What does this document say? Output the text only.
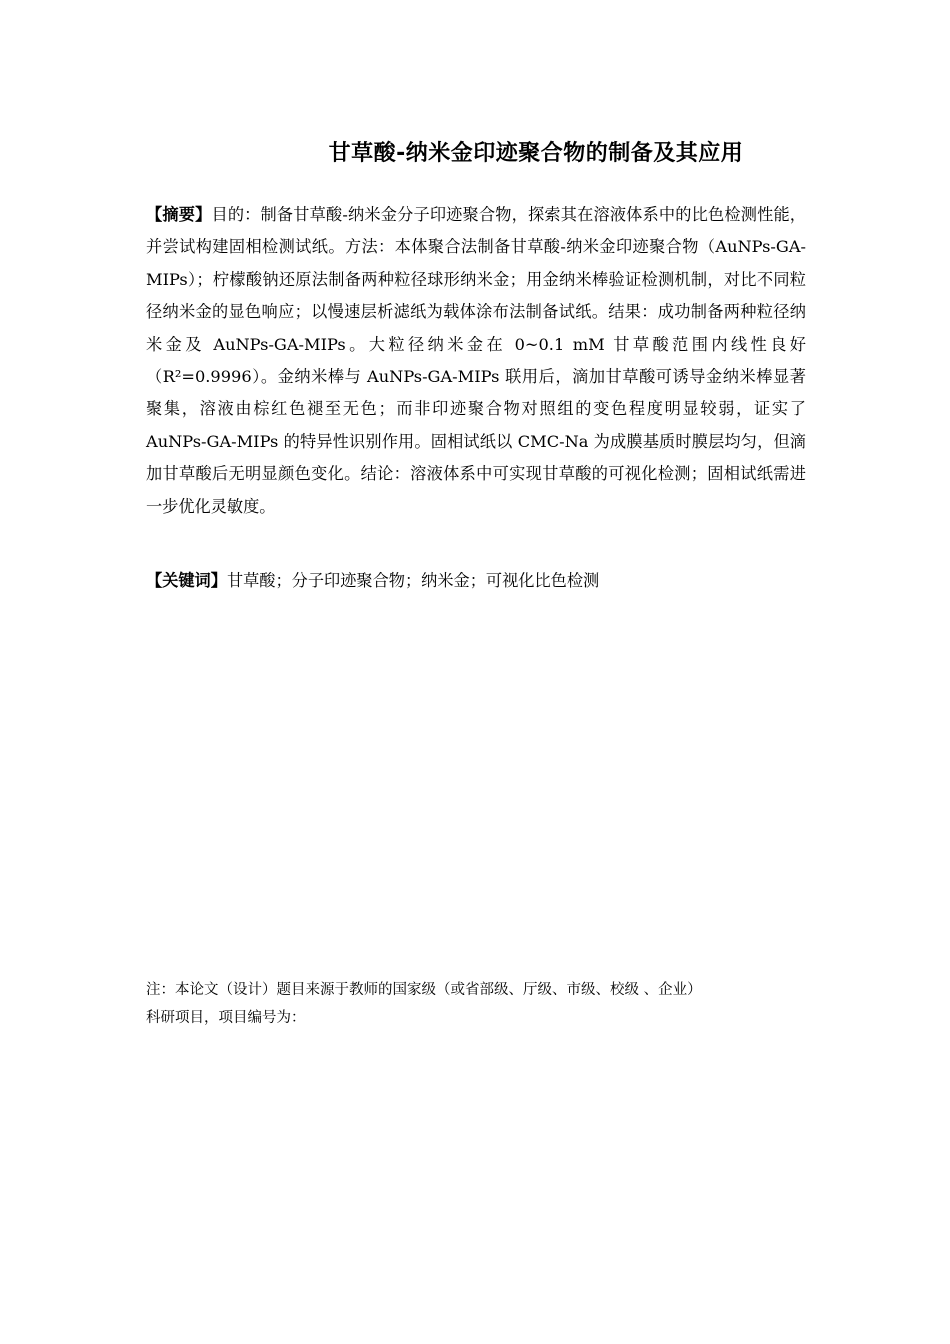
甘草酸-纳米金印迹聚合物的制备及其应用

【摘要】目的：制备甘草酸-纳米金分子印迹聚合物，探索其在溶液体系中的比色检测性能，并尝试构建固相检测试纸。方法：本体聚合法制备甘草酸-纳米金印迹聚合物（AuNPs-GA-MIPs）；柠檬酸钠还原法制备两种粒径球形纳米金；用金纳米棒验证检测机制，对比不同粒径纳米金的显色响应；以慢速层析滤纸为载体涂布法制备试纸。结果：成功制备两种粒径纳米金及 AuNPs-GA-MIPs。大粒径纳米金在 0~0.1 mM 甘草酸范围内线性良好（R²=0.9996）。金纳米棒与 AuNPs-GA-MIPs 联用后，滴加甘草酸可诱导金纳米棒显著聚集，溶液由棕红色褪至无色；而非印迹聚合物对照组的变色程度明显较弱，证实了 AuNPs-GA-MIPs 的特异性识别作用。固相试纸以 CMC-Na 为成膜基质时膜层均匀，但滴加甘草酸后无明显颜色变化。结论：溶液体系中可实现甘草酸的可视化检测；固相试纸需进一步优化灵敏度。

【关键词】甘草酸；分子印迹聚合物；纳米金；可视化比色检测

注：本论文（设计）题目来源于教师的国家级（或省部级、厅级、市级、校级 、企业）
科研项目，项目编号为：
